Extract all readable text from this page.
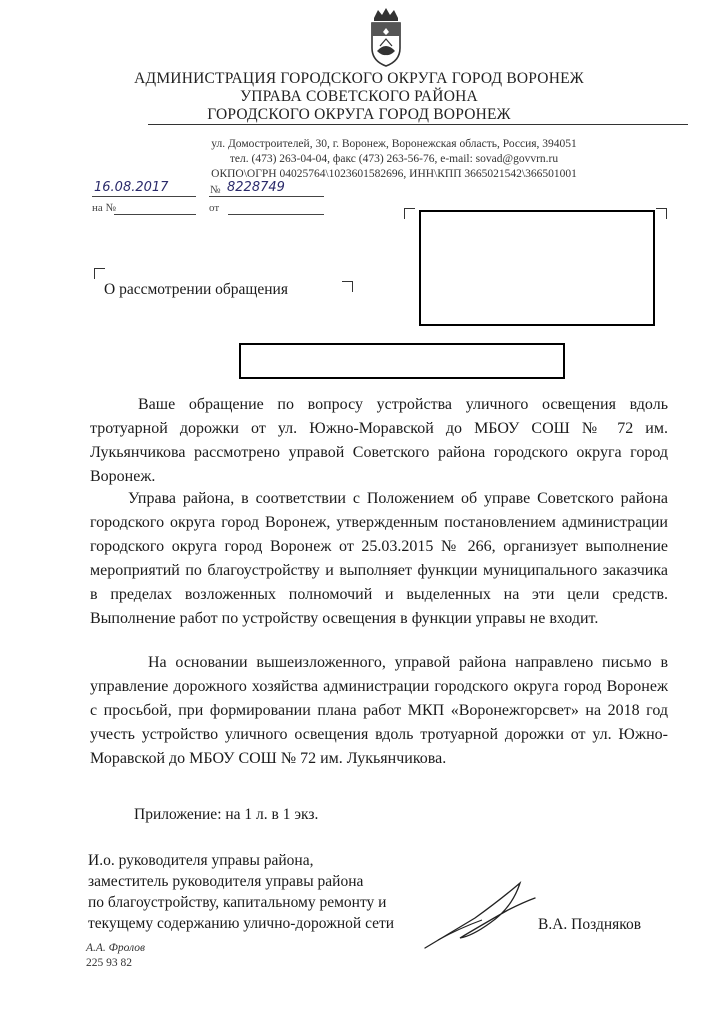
АДМИНИСТРАЦИЯ ГОРОДСКОГО ОКРУГА ГОРОД ВОРОНЕЖ
УПРАВА СОВЕТСКОГО РАЙОНА
ГОРОДСКОГО ОКРУГА ГОРОД ВОРОНЕЖ
ул. Домостроителей, 30, г. Воронеж, Воронежская область, Россия, 394051
тел. (473) 263-04-04, факс (473) 263-56-76, e-mail: sovad@govvrn.ru
ОКПО\ОГРН 04025764\1023601582696, ИНН\КПП 3665021542\366501001
16.08.2017	№ 8228749
на №	от
О рассмотрении обращения
Ваше обращение по вопросу устройства уличного освещения вдоль тротуарной дорожки от ул. Южно-Моравской до МБОУ СОШ № 72 им. Лукьянчикова рассмотрено управой Советского района городского округа город Воронеж.
Управа района, в соответствии с Положением об управе Советского района городского округа город Воронеж, утвержденным постановлением администрации городского округа город Воронеж от 25.03.2015 № 266, организует выполнение мероприятий по благоустройству и выполняет функции муниципального заказчика в пределах возложенных полномочий и выделенных на эти цели средств. Выполнение работ по устройству освещения в функции управы не входит.
На основании вышеизложенного, управой района направлено письмо в управление дорожного хозяйства администрации городского округа город Воронеж с просьбой, при формировании плана работ МКП «Воронежгорсвет» на 2018 год учесть устройство уличного освещения вдоль тротуарной дорожки от ул. Южно-Моравской до МБОУ СОШ № 72 им. Лукьянчикова.
Приложение: на 1 л. в 1 экз.
И.о. руководителя управы района,
заместитель руководителя управы района
по благоустройству, капитальному ремонту и
текущему содержанию улично-дорожной сети	В.А. Поздняков
А.А. Фролов
225 93 82
